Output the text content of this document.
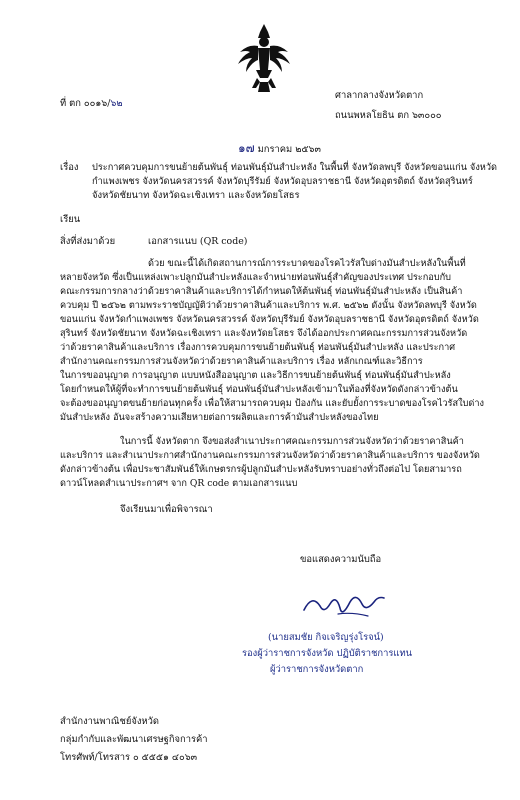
ที่ ตก ๐๐๑๖/๖๒
ศาลากลางจังหวัดตาก
ถนนพหลโยธิน ตก ๖๓๐๐๐
๑๗ มกราคม ๒๕๖๓
เรื่อง ประกาศควบคุมการขนย้ายต้นพันธุ์ ท่อนพันธุ์มันสำปะหลัง ในพื้นที่ จังหวัดลพบุรี จังหวัดขอนแก่น จังหวัด
กำแพงเพชร จังหวัดนครสวรรค์ จังหวัดบุรีรัมย์ จังหวัดอุบลราชธานี จังหวัดอุตรดิตถ์ จังหวัดสุรินทร์
จังหวัดชัยนาท จังหวัดฉะเชิงเทรา และจังหวัดยโสธร
เรียน
สิ่งที่ส่งมาด้วย	เอกสารแนบ (QR code)
ด้วย ขณะนี้ได้เกิดสถานการณ์การระบาดของโรคไวรัสใบด่างมันสำปะหลังในพื้นที่
หลายจังหวัด ซึ่งเป็นแหล่งเพาะปลูกมันสำปะหลังและจำหน่ายท่อนพันธุ์สำคัญของประเทศ ประกอบกับ
คณะกรรมการกลางว่าด้วยราคาสินค้าและบริการได้กำหนดให้ต้นพันธุ์ ท่อนพันธุ์มันสำปะหลัง เป็นสินค้า
ควบคุม ปี ๒๕๖๒ ตามพระราชบัญญัติว่าด้วยราคาสินค้าและบริการ พ.ศ. ๒๕๖๒ ดังนั้น จังหวัดลพบุรี จังหวัด
ขอนแก่น จังหวัดกำแพงเพชร จังหวัดนครสวรรค์ จังหวัดบุรีรัมย์ จังหวัดอุบลราชธานี จังหวัดอุตรดิตถ์ จังหวัด
สุรินทร์ จังหวัดชัยนาท จังหวัดฉะเชิงเทรา และจังหวัดยโสธร จึงได้ออกประกาศคณะกรรมการส่วนจังหวัด
ว่าด้วยราคาสินค้าและบริการ เรื่องการควบคุมการขนย้ายต้นพันธุ์ ท่อนพันธุ์มันสำปะหลัง และประกาศ
สำนักงานคณะกรรมการส่วนจังหวัดว่าด้วยราคาสินค้าและบริการ เรื่อง หลักเกณฑ์และวิธีการ
ในการขออนุญาต การอนุญาต แบบหนังสืออนุญาต และวิธีการขนย้ายต้นพันธุ์ ท่อนพันธุ์มันสำปะหลัง
โดยกำหนดให้ผู้ที่จะทำการขนย้ายต้นพันธุ์ ท่อนพันธุ์มันสำปะหลังเข้ามาในท้องที่จังหวัดดังกล่าวข้างต้น
จะต้องขออนุญาตขนย้ายก่อนทุกครั้ง เพื่อให้สามารถควบคุม ป้องกัน และยับยั้งการระบาดของโรคไวรัสใบด่าง
มันสำปะหลัง อันจะสร้างความเสียหายต่อการผลิตและการค้ามันสำปะหลังของไทย
ในการนี้ จังหวัดตาก จึงขอส่งสำเนาประกาศคณะกรรมการส่วนจังหวัดว่าด้วยราคาสินค้า
และบริการ และสำเนาประกาศสำนักงานคณะกรรมการส่วนจังหวัดว่าด้วยราคาสินค้าและบริการ ของจังหวัด
ดังกล่าวข้างต้น เพื่อประชาสัมพันธ์ให้เกษตรกรผู้ปลูกมันสำปะหลังรับทราบอย่างทั่วถึงต่อไป โดยสามารถ
ดาวน์โหลดสำเนาประกาศฯ จาก QR code ตามเอกสารแนบ
จึงเรียนมาเพื่อพิจารณา
ขอแสดงความนับถือ
(นายสมชัย กิจเจริญรุ่งโรจน์)
รองผู้ว่าราชการจังหวัด ปฏิบัติราชการแทน
ผู้ว่าราชการจังหวัดตาก
สำนักงานพาณิชย์จังหวัด
กลุ่มกำกับและพัฒนาเศรษฐกิจการค้า
โทรศัพท์/โทรสาร ๐ ๕๕๕๑ ๔๐๖๓
